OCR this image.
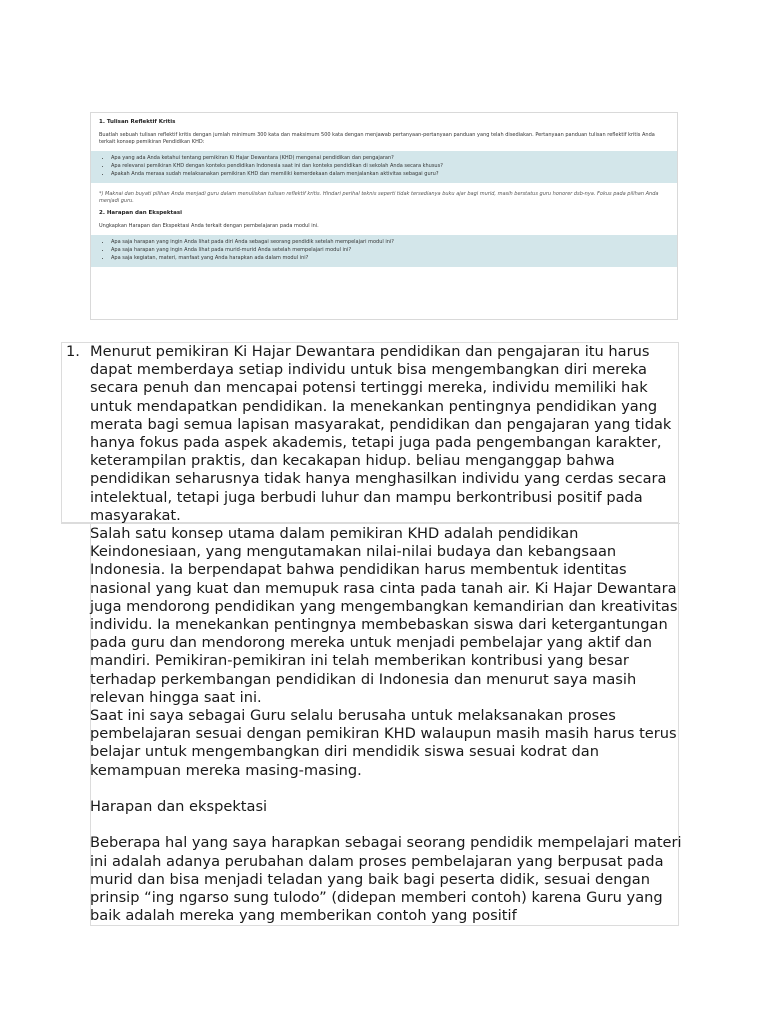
1. Tulisan Reflektif Kritis

Buatlah sebuah tulisan reflektif kritis dengan jumlah minimum 300 kata dan maksimum 500 kata dengan menjawab pertanyaan-pertanyaan panduan yang telah disediakan. Pertanyaan panduan tulisan reflektif kritis Anda terkait konsep pemikiran Pendidikan KHD:

• Apa yang ada Anda ketahui tentang pemikiran Ki Hajar Dewantara (KHD) mengenai pendidikan dan pengajaran?
• Apa relevansi pemikiran KHD dengan konteks pendidikan Indonesia saat ini dan konteks pendidikan di sekolah Anda secara khusus?
• Apakah Anda merasa sudah melaksanakan pemikiran KHD dan memiliki kemerdekaan dalam menjalankan aktivitas sebagai guru?

*) Maknai dan buyati pilihan Anda menjadi guru dalam menuliskan tulisan reflektif kritis. Hindari perihal teknis seperti tidak tersedianya buku ajar bagi murid, masih berstatus guru honorer dsb-nya. Fokus pada pilihan Anda menjadi guru.

2. Harapan dan Ekspektasi

Ungkapkan Harapan dan Ekspektasi Anda terkait dengan pembelajaran pada modul ini.

• Apa saja harapan yang ingin Anda lihat pada diri Anda sebagai seorang pendidik setelah mempelajari modul ini?
• Apa saja harapan yang ingin Anda lihat pada murid-murid Anda setelah mempelajari modul ini?
• Apa saja kegiatan, materi, manfaat yang Anda harapkan ada dalam modul ini?
1. Menurut pemikiran Ki Hajar Dewantara pendidikan dan pengajaran itu harus dapat memberdaya setiap individu untuk bisa mengembangkan diri mereka secara penuh dan mencapai potensi tertinggi mereka, individu memiliki hak untuk mendapatkan pendidikan. Ia menekankan pentingnya pendidikan yang merata bagi semua lapisan masyarakat, pendidikan dan pengajaran yang tidak hanya fokus pada aspek akademis, tetapi juga pada pengembangan karakter, keterampilan praktis, dan kecakapan hidup. beliau menganggap bahwa pendidikan seharusnya tidak hanya menghasilkan individu yang cerdas secara intelektual, tetapi juga berbudi luhur dan mampu berkontribusi positif pada masyarakat.

Salah satu konsep utama dalam pemikiran KHD adalah pendidikan Keindonesiaan, yang mengutamakan nilai-nilai budaya dan kebangsaan Indonesia. Ia berpendapat bahwa pendidikan harus membentuk identitas nasional yang kuat dan memupuk rasa cinta pada tanah air. Ki Hajar Dewantara juga mendorong pendidikan yang mengembangkan kemandirian dan kreativitas individu. Ia menekankan pentingnya membebaskan siswa dari ketergantungan pada guru dan mendorong mereka untuk menjadi pembelajar yang aktif dan mandiri. Pemikiran-pemikiran ini telah memberikan kontribusi yang besar terhadap perkembangan pendidikan di Indonesia dan menurut saya masih relevan hingga saat ini.

Saat ini saya sebagai Guru selalu berusaha untuk melaksanakan proses pembelajaran sesuai dengan pemikiran KHD walaupun masih masih harus terus belajar untuk mengembangkan diri mendidik siswa sesuai kodrat dan kemampuan mereka masing-masing.

Harapan dan ekspektasi

Beberapa hal yang saya harapkan sebagai seorang pendidik mempelajari materi ini adalah adanya perubahan dalam proses pembelajaran yang berpusat pada murid dan bisa menjadi teladan yang baik bagi peserta didik, sesuai dengan prinsip “ing ngarso sung tulodo” (didepan memberi contoh) karena Guru yang baik adalah mereka yang memberikan contoh yang positif
